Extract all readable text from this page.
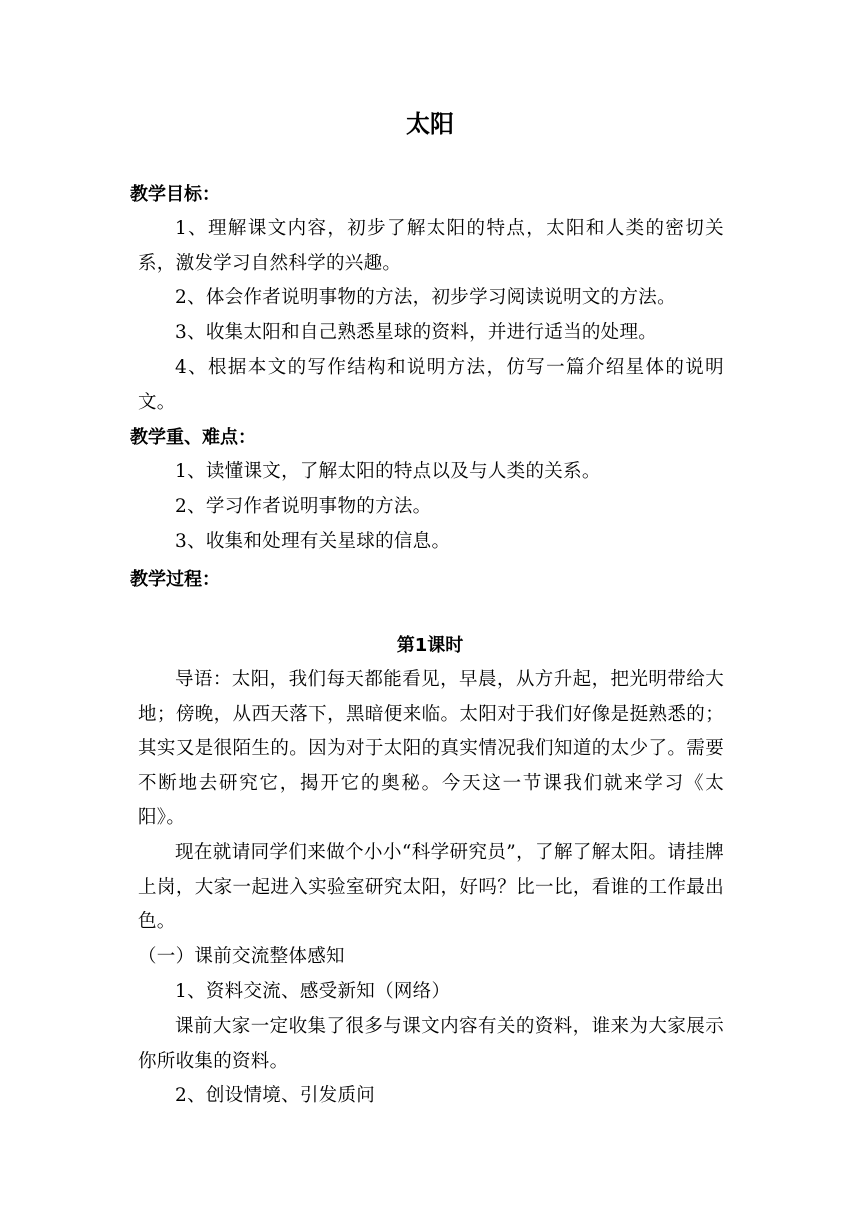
太阳
教学目标：
1、理解课文内容，初步了解太阳的特点，太阳和人类的密切关系，激发学习自然科学的兴趣。
2、体会作者说明事物的方法，初步学习阅读说明文的方法。
3、收集太阳和自己熟悉星球的资料，并进行适当的处理。
4、根据本文的写作结构和说明方法，仿写一篇介绍星体的说明文。
教学重、难点：
1、读懂课文，了解太阳的特点以及与人类的关系。
2、学习作者说明事物的方法。
3、收集和处理有关星球的信息。
教学过程：
第1课时
导语：太阳，我们每天都能看见，早晨，从方升起，把光明带给大地；傍晚，从西天落下，黑暗便来临。太阳对于我们好像是挺熟悉的；其实又是很陌生的。因为对于太阳的真实情况我们知道的太少了。需要不断地去研究它，揭开它的奥秘。今天这一节课我们就来学习《太阳》。
现在就请同学们来做个小小“科学研究员”，了解了解太阳。请挂牌上岗，大家一起进入实验室研究太阳，好吗？比一比，看谁的工作最出色。
（一）课前交流整体感知
1、资料交流、感受新知（网络）
课前大家一定收集了很多与课文内容有关的资料，谁来为大家展示你所收集的资料。
2、创设情境、引发质问
